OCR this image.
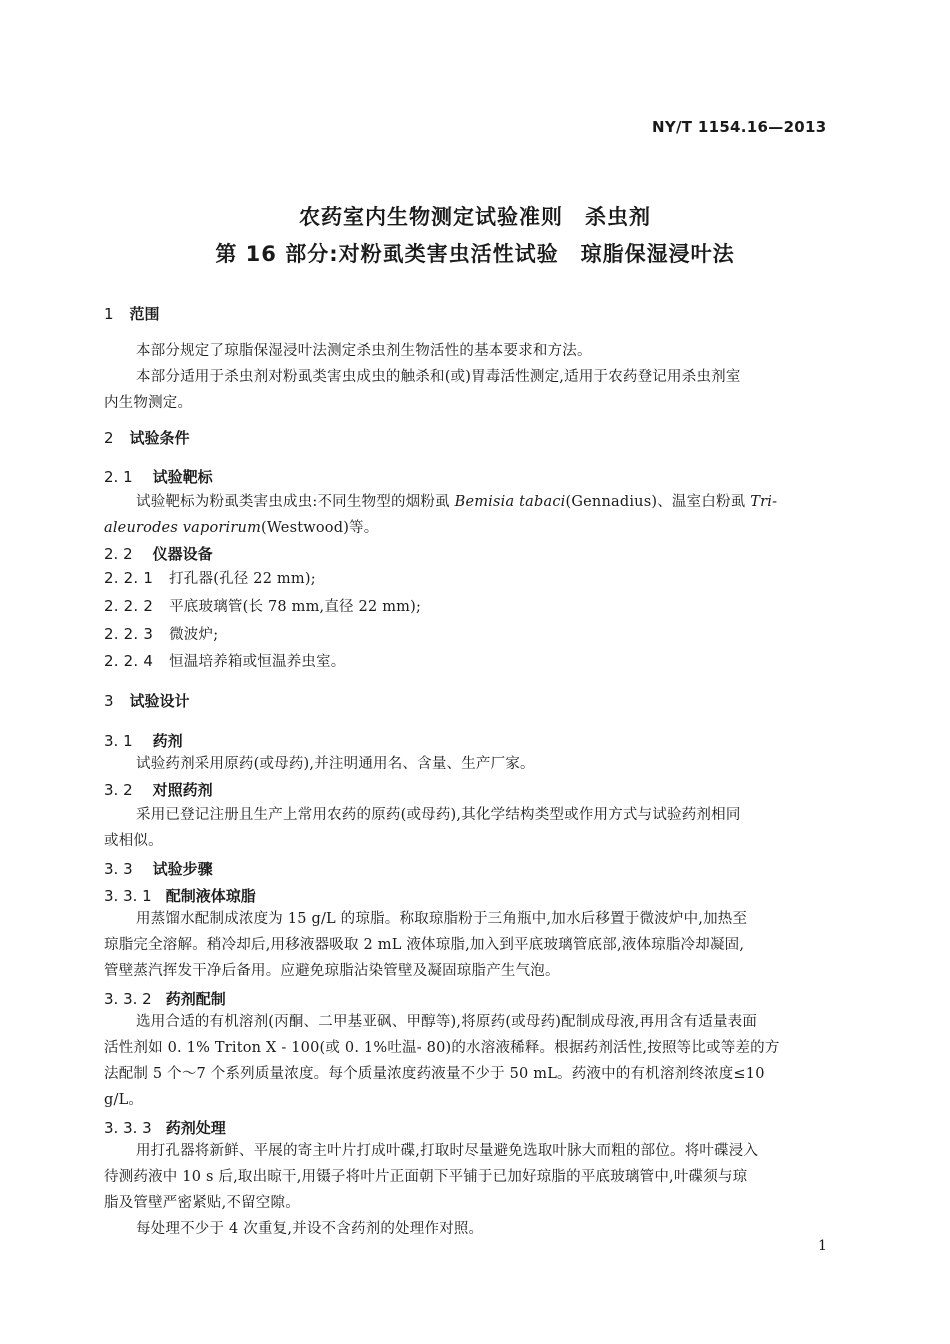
NY/T 1154.16—2013
农药室内生物测定试验准则　杀虫剂
第 16 部分:对粉虱类害虫活性试验　琼脂保湿浸叶法
1 范围
本部分规定了琼脂保湿浸叶法测定杀虫剂生物活性的基本要求和方法。
本部分适用于杀虫剂对粉虱类害虫成虫的触杀和(或)胃毒活性测定,适用于农药登记用杀虫剂室
内生物测定。
2 试验条件
2. 1 试验靶标
试验靶标为粉虱类害虫成虫:不同生物型的烟粉虱 Bemisia tabaci(Gennadius)、温室白粉虱 Tri-
aleurodes vaporirum(Westwood)等。
2. 2 仪器设备
2. 2. 1 打孔器(孔径 22 mm);
2. 2. 2 平底玻璃管(长 78 mm,直径 22 mm);
2. 2. 3 微波炉;
2. 2. 4 恒温培养箱或恒温养虫室。
3 试验设计
3. 1 药剂
试验药剂采用原药(或母药),并注明通用名、含量、生产厂家。
3. 2 对照药剂
采用已登记注册且生产上常用农药的原药(或母药),其化学结构类型或作用方式与试验药剂相同
或相似。
3. 3 试验步骤
3. 3. 1 配制液体琼脂
用蒸馏水配制成浓度为 15 g/L 的琼脂。称取琼脂粉于三角瓶中,加水后移置于微波炉中,加热至
琼脂完全溶解。稍冷却后,用移液器吸取 2 mL 液体琼脂,加入到平底玻璃管底部,液体琼脂冷却凝固,
管壁蒸汽挥发干净后备用。应避免琼脂沾染管壁及凝固琼脂产生气泡。
3. 3. 2 药剂配制
选用合适的有机溶剂(丙酮、二甲基亚砜、甲醇等),将原药(或母药)配制成母液,再用含有适量表面
活性剂如 0. 1% Triton X - 100(或 0. 1%吐温- 80)的水溶液稀释。根据药剂活性,按照等比或等差的方
法配制 5 个～7 个系列质量浓度。每个质量浓度药液量不少于 50 mL。药液中的有机溶剂终浓度≤10
g/L。
3. 3. 3 药剂处理
用打孔器将新鲜、平展的寄主叶片打成叶碟,打取时尽量避免选取叶脉大而粗的部位。将叶碟浸入
待测药液中 10 s 后,取出晾干,用镊子将叶片正面朝下平铺于已加好琼脂的平底玻璃管中,叶碟须与琼
脂及管壁严密紧贴,不留空隙。
每处理不少于 4 次重复,并设不含药剂的处理作对照。
1
